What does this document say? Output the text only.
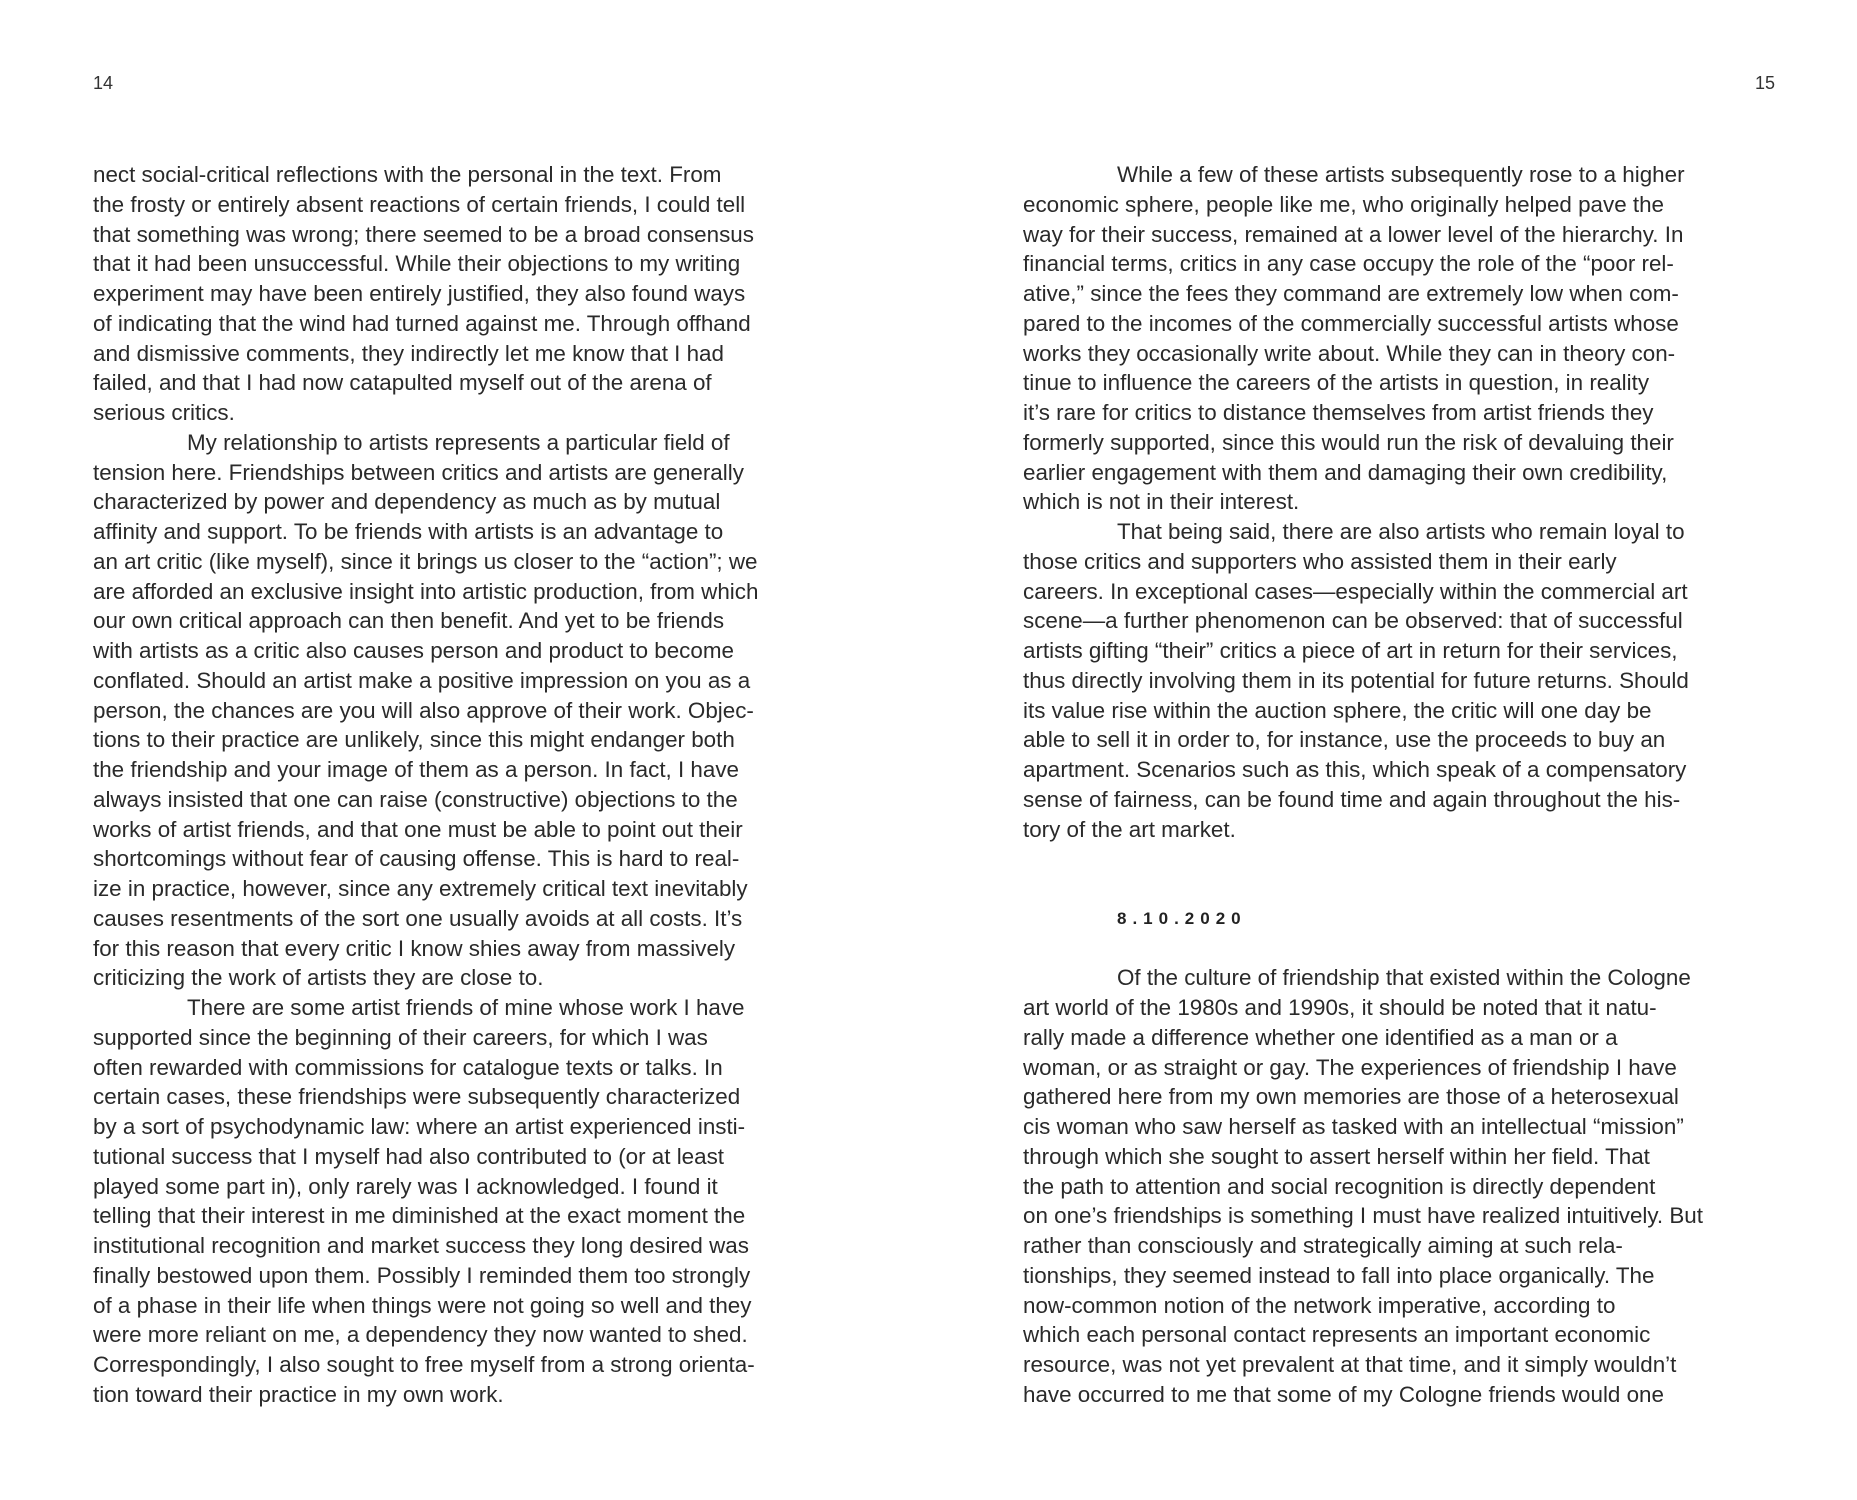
14
nect social-critical reflections with the personal in the text. From
the frosty or entirely absent reactions of certain friends, I could tell
that something was wrong; there seemed to be a broad consensus
that it had been unsuccessful. While their objections to my writing
experiment may have been entirely justified, they also found ways
of indicating that the wind had turned against me. Through offhand
and dismissive comments, they indirectly let me know that I had
failed, and that I had now catapulted myself out of the arena of
serious critics.
My relationship to artists represents a particular field of
tension here. Friendships between critics and artists are generally
characterized by power and dependency as much as by mutual
affinity and support. To be friends with artists is an advantage to
an art critic (like myself), since it brings us closer to the “action”; we
are afforded an exclusive insight into artistic production, from which
our own critical approach can then benefit. And yet to be friends
with artists as a critic also causes person and product to become
conflated. Should an artist make a positive impression on you as a
person, the chances are you will also approve of their work. Objec-
tions to their practice are unlikely, since this might endanger both
the friendship and your image of them as a person. In fact, I have
always insisted that one can raise (constructive) objections to the
works of artist friends, and that one must be able to point out their
shortcomings without fear of causing offense. This is hard to real-
ize in practice, however, since any extremely critical text inevitably
causes resentments of the sort one usually avoids at all costs. It’s
for this reason that every critic I know shies away from massively
criticizing the work of artists they are close to.
There are some artist friends of mine whose work I have
supported since the beginning of their careers, for which I was
often rewarded with commissions for catalogue texts or talks. In
certain cases, these friendships were subsequently characterized
by a sort of psychodynamic law: where an artist experienced insti-
tutional success that I myself had also contributed to (or at least
played some part in), only rarely was I acknowledged. I found it
telling that their interest in me diminished at the exact moment the
institutional recognition and market success they long desired was
finally bestowed upon them. Possibly I reminded them too strongly
of a phase in their life when things were not going so well and they
were more reliant on me, a dependency they now wanted to shed.
Correspondingly, I also sought to free myself from a strong orienta-
tion toward their practice in my own work.
15
While a few of these artists subsequently rose to a higher
economic sphere, people like me, who originally helped pave the
way for their success, remained at a lower level of the hierarchy. In
financial terms, critics in any case occupy the role of the “poor rel-
ative,” since the fees they command are extremely low when com-
pared to the incomes of the commercially successful artists whose
works they occasionally write about. While they can in theory con-
tinue to influence the careers of the artists in question, in reality
it’s rare for critics to distance themselves from artist friends they
formerly supported, since this would run the risk of devaluing their
earlier engagement with them and damaging their own credibility,
which is not in their interest.
That being said, there are also artists who remain loyal to
those critics and supporters who assisted them in their early
careers. In exceptional cases—especially within the commercial art
scene—a further phenomenon can be observed: that of successful
artists gifting “their” critics a piece of art in return for their services,
thus directly involving them in its potential for future returns. Should
its value rise within the auction sphere, the critic will one day be
able to sell it in order to, for instance, use the proceeds to buy an
apartment. Scenarios such as this, which speak of a compensatory
sense of fairness, can be found time and again throughout the his-
tory of the art market.
8.10.2020
Of the culture of friendship that existed within the Cologne
art world of the 1980s and 1990s, it should be noted that it natu-
rally made a difference whether one identified as a man or a
woman, or as straight or gay. The experiences of friendship I have
gathered here from my own memories are those of a heterosexual
cis woman who saw herself as tasked with an intellectual “mission”
through which she sought to assert herself within her field. That
the path to attention and social recognition is directly dependent
on one’s friendships is something I must have realized intuitively. But
rather than consciously and strategically aiming at such rela-
tionships, they seemed instead to fall into place organically. The
now-common notion of the network imperative, according to
which each personal contact represents an important economic
resource, was not yet prevalent at that time, and it simply wouldn’t
have occurred to me that some of my Cologne friends would one
